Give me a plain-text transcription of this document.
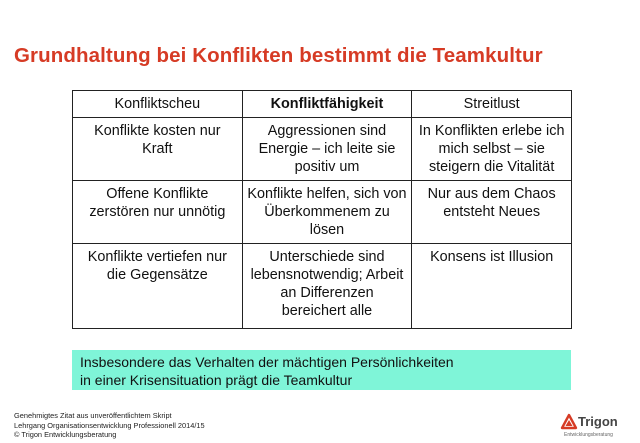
Grundhaltung bei Konflikten bestimmt die Teamkultur
Konfliktscheu	Konfliktfähigkeit	Streitlust
Konflikte kosten nur Kraft	Aggressionen sind Energie – ich leite sie positiv um	In Konflikten erlebe ich mich selbst – sie steigern die Vitalität
Offene Konflikte zerstören nur unnötig	Konflikte helfen, sich von Überkommenem zu lösen	Nur aus dem Chaos entsteht Neues
Konflikte vertiefen nur die Gegensätze	Unterschiede sind lebensnotwendig; Arbeit an Differenzen bereichert alle	Konsens ist Illusion
Insbesondere das Verhalten der mächtigen Persönlichkeiten
in einer Krisensituation prägt die Teamkultur
Genehmigtes Zitat aus unveröffentlichtem Skript
Lehrgang Organisationsentwicklung Professionell 2014/15
© Trigon Entwicklungsberatung
Trigon
Entwicklungsberatung
